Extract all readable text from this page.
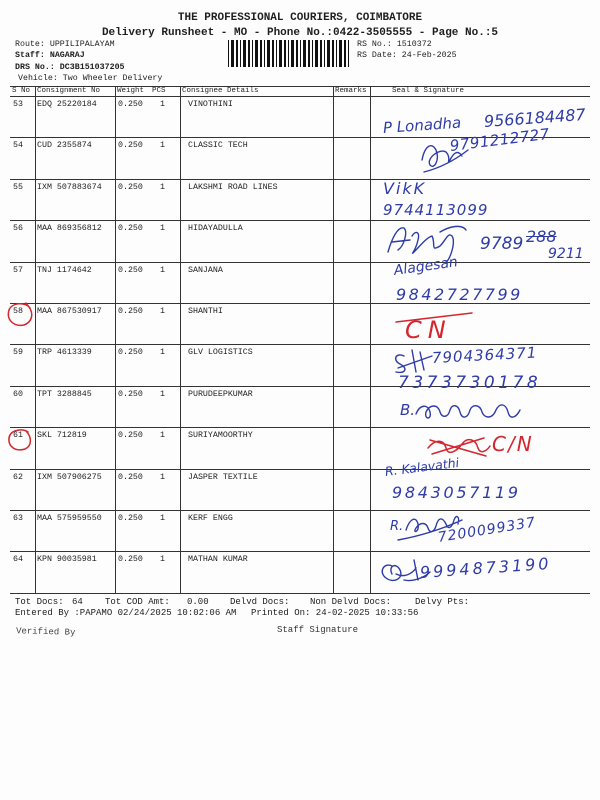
THE PROFESSIONAL COURIERS, COIMBATORE
Delivery Runsheet - MO - Phone No.:0422-3505555 - Page No.:5
Route: UPPILIPALAYAM
Staff: NAGARAJ
DRS No.: DC3B151037205
Vehicle: Two Wheeler Delivery
RS No.: 1510372
RS Date: 24-Feb-2025
S No Consignment No Weight PCS Consignee Details	Remarks	Seal & Signature
53 EDQ 25220184	0.250 1	VINOTHINI
54 CUD 2355874	0.250 1	CLASSIC TECH
55 IXM 507883674 0.250 1	LAKSHMI ROAD LINES
56 MAA 869356812 0.250 1	HIDAYADULLA
57 TNJ 1174642	0.250 1	SANJANA
58 MAA 867530917 0.250 1	SHANTHI
59 TRP 4613339	0.250 1	GLV LOGISTICS
60 TPT 3288845	0.250 1	PURUDEEPKUMAR
61 SKL 712819	0.250 1	SURIYAMOORTHY
62 IXM 507906275 0.250 1	JASPER TEXTILE
63 MAA 575959550 0.250 1	KERF ENGG
64 KPN 90035981	0.250 1	MATHAN KUMAR
Tot Docs: 64 Tot COD Amt: 0.00 Delvd Docs: Non Delvd Docs:	Delvy Pts:
Entered By :PAPAMO 02/24/2025 10:02:06 AM Printed On: 24-02-2025 10:33:56
Verified By	Staff Signature
P Lonadha 9566184487
9791212727
VikK
9744113099
9789 288
9211
Alagesan
9842727799
CN
7904364371
7373730178
B.
C/N
R. Kalavathi
9843057119
R. 7200099337
9994873190
